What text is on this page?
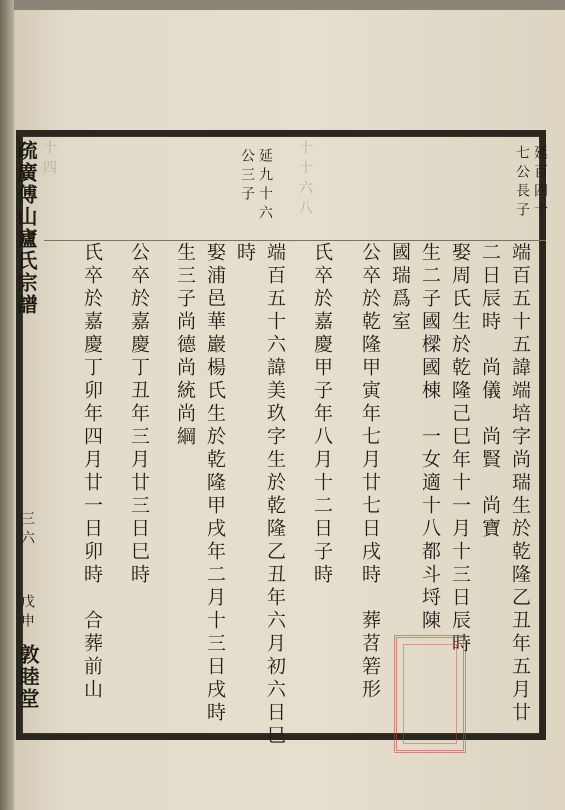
十十六八
十四
疏廣傅山廬氏宗譜
三六
戊申
敦睦堂
延百四十七公長子
延九十六公三子
端百五十五諱端培字尚瑞生於乾隆乙丑年五月廿
二日辰時　尚儀　尚賢　尚寶
娶周氏生於乾隆己巳年十一月十三日辰時
生二子國樑國棟　一女適十八都斗埒陳
國瑞爲室
公卒於乾隆甲寅年七月廿七日戌時　葬苕箬形
氏卒於嘉慶甲子年八月十二日子時
端百五十六諱美玖字生於乾隆乙丑年六月初六日巳
時
娶浦邑華巖楊氏生於乾隆甲戌年二月十三日戌時
生三子尚德尚統尚綱
公卒於嘉慶丁丑年三月廿三日巳時
氏卒於嘉慶丁卯年四月廿一日卯時　合葬前山
